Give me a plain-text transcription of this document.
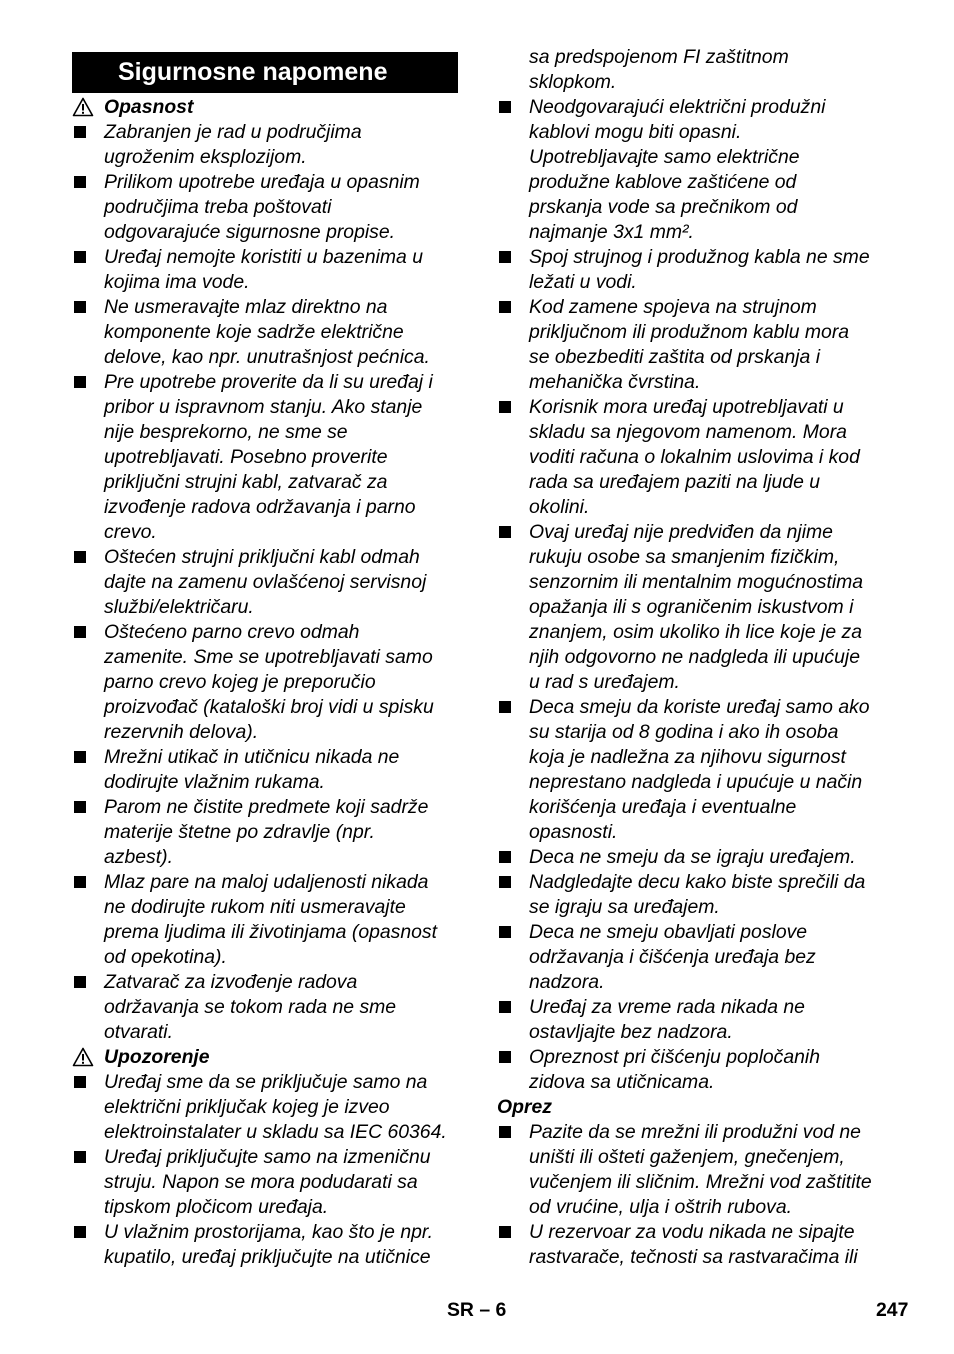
Sigurnosne napomene
Opasnost
Zabranjen je rad u područjima
ugroženim eksplozijom.
Prilikom upotrebe uređaja u opasnim
područjima treba poštovati
odgovarajuće sigurnosne propise.
Uređaj nemojte koristiti u bazenima u
kojima ima vode.
Ne usmeravajte mlaz direktno na
komponente koje sadrže električne
delove, kao npr. unutrašnjost pećnica.
Pre upotrebe proverite da li su uređaj i
pribor u ispravnom stanju. Ako stanje
nije besprekorno, ne sme se
upotrebljavati. Posebno proverite
priključni strujni kabl, zatvarač za
izvođenje radova održavanja i parno
crevo.
Oštećen strujni priključni kabl odmah
dajte na zamenu ovlašćenoj servisnoj
službi/električaru.
Oštećeno parno crevo odmah
zamenite. Sme se upotrebljavati samo
parno crevo kojeg je preporučio
proizvođač (kataloški broj vidi u spisku
rezervnih delova).
Mrežni utikač in utičnicu nikada ne
dodirujte vlažnim rukama.
Parom ne čistite predmete koji sadrže
materije štetne po zdravlje (npr.
azbest).
Mlaz pare na maloj udaljenosti nikada
ne dodirujte rukom niti usmeravajte
prema ljudima ili životinjama (opasnost
od opekotina).
Zatvarač za izvođenje radova
održavanja se tokom rada ne sme
otvarati.
Upozorenje
Uređaj sme da se priključuje samo na
električni priključak kojeg je izveo
elektroinstalater u skladu sa IEC 60364.
Uređaj priključujte samo na izmeničnu
struju. Napon se mora podudarati sa
tipskom pločicom uređaja.
U vlažnim prostorijama, kao što je npr.
kupatilo, uređaj priključujte na utičnice
sa predspojenom FI zaštitnom
sklopkom.
Neodgovarajući električni produžni
kablovi mogu biti opasni.
Upotrebljavajte samo električne
produžne kablove zaštićene od
prskanja vode sa prečnikom od
najmanje 3x1 mm².
Spoj strujnog i produžnog kabla ne sme
ležati u vodi.
Kod zamene spojeva na strujnom
priključnom ili produžnom kablu mora
se obezbediti zaštita od prskanja i
mehanička čvrstina.
Korisnik mora uređaj upotrebljavati u
skladu sa njegovom namenom. Mora
voditi računa o lokalnim uslovima i kod
rada sa uređajem paziti na ljude u
okolini.
Ovaj uređaj nije predviđen da njime
rukuju osobe sa smanjenim fizičkim,
senzornim ili mentalnim mogućnostima
opažanja ili s ograničenim iskustvom i
znanjem, osim ukoliko ih lice koje je za
njih odgovorno ne nadgleda ili upućuje
u rad s uređajem.
Deca smeju da koriste uređaj samo ako
su starija od 8 godina i ako ih osoba
koja je nadležna za njihovu sigurnost
neprestano nadgleda i upućuje u način
korišćenja uređaja i eventualne
opasnosti.
Deca ne smeju da se igraju uređajem.
Nadgledajte decu kako biste sprečili da
se igraju sa uređajem.
Deca ne smeju obavljati poslove
održavanja i čišćenja uređaja bez
nadzora.
Uređaj za vreme rada nikada ne
ostavljajte bez nadzora.
Opreznost pri čišćenju popločanih
zidova sa utičnicama.
Oprez
Pazite da se mrežni ili produžni vod ne
uništi ili ošteti gaženjem, gnečenjem,
vučenjem ili sličnim. Mrežni vod zaštitite
od vrućine, ulja i oštrih rubova.
U rezervoar za vodu nikada ne sipajte
rastvarače, tečnosti sa rastvaračima ili
SR – 6	247
